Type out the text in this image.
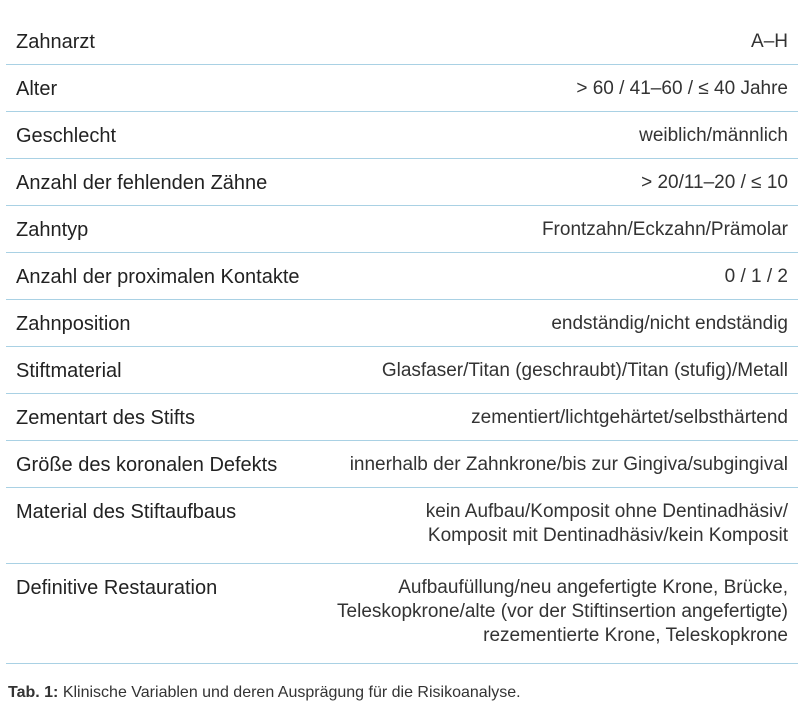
Zahnarzt	A–H
Alter	> 60 / 41–60 / ≤ 40 Jahre
Geschlecht	weiblich/männlich
Anzahl der fehlenden Zähne	> 20/11–20 / ≤ 10
Zahntyp	Frontzahn/Eckzahn/Prämolar
Anzahl der proximalen Kontakte	0 / 1 / 2
Zahnposition	endständig/nicht endständig
Stiftmaterial	Glasfaser/Titan (geschraubt)/Titan (stufig)/Metall
Zementart des Stifts	zementiert/lichtgehärtet/selbsthärtend
Größe des koronalen Defekts	innerhalb der Zahnkrone/bis zur Gingiva/subgingival
Material des Stiftaufbaus	kein Aufbau/Komposit ohne Dentinadhäsiv/
Komposit mit Dentinadhäsiv/kein Komposit
Definitive Restauration	Aufbaufüllung/neu angefertigte Krone, Brücke,
Teleskopkrone/alte (vor der Stiftinsertion angefertigte)
rezementierte Krone, Teleskopkrone
Tab. 1: Klinische Variablen und deren Ausprägung für die Risikoanalyse.
